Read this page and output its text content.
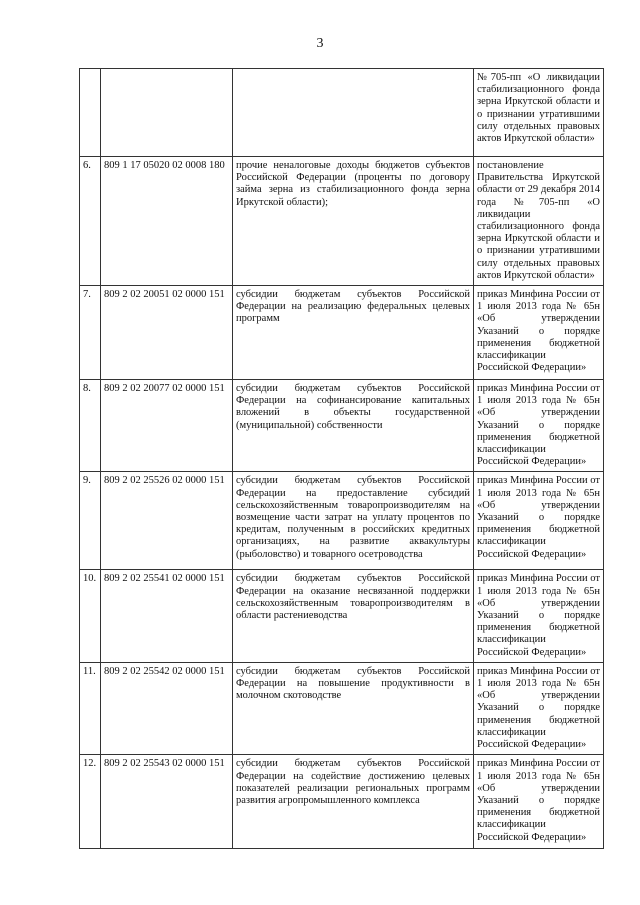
3
			№705-пп «О ликвидации стабилизационного фонда зерна Иркутской области и о признании утратившими силу отдельных правовых актов Иркутской области»
6.	809 1 17 05020 02 0008 180	прочие неналоговые доходы бюджетов субъектов Российской Федерации (проценты по договору займа зерна из стабилизационного фонда зерна Иркутской области);	постановление Правительства Иркутской области от 29 декабря 2014 года №705-пп «О ликвидации стабилизационного фонда зерна Иркутской области и о признании утратившими силу отдельных правовых актов Иркутской области»
7.	809 2 02 20051 02 0000 151	субсидии бюджетам субъектов Российской Федерации на реализацию федеральных целевых программ	приказ Минфина России от 1 июля 2013 года № 65н «Об утверждении Указаний о порядке применения бюджетной классификации Российской Федерации»
8.	809 2 02 20077 02 0000 151	субсидии бюджетам субъектов Российской Федерации на софинансирование капитальных вложений в объекты государственной (муниципальной) собственности	приказ Минфина России от 1 июля 2013 года № 65н «Об утверждении Указаний о порядке применения бюджетной классификации Российской Федерации»
9.	809 2 02 25526 02 0000 151	субсидии бюджетам субъектов Российской Федерации на предоставление субсидий сельскохозяйственным товаропроизводителям на возмещение части затрат на уплату процентов по кредитам, полученным в российских кредитных организациях, на развитие аквакультуры (рыболовство) и товарного осетроводства	приказ Минфина России от 1 июля 2013 года № 65н «Об утверждении Указаний о порядке применения бюджетной классификации Российской Федерации»
10.	809 2 02 25541 02 0000 151	субсидии бюджетам субъектов Российской Федерации на оказание несвязанной поддержки сельскохозяйственным товаропроизводителям в области растениеводства	приказ Минфина России от 1 июля 2013 года № 65н «Об утверждении Указаний о порядке применения бюджетной классификации Российской Федерации»
11.	809 2 02 25542 02 0000 151	субсидии бюджетам субъектов Российской Федерации на повышение продуктивности в молочном скотоводстве	приказ Минфина России от 1 июля 2013 года № 65н «Об утверждении Указаний о порядке применения бюджетной классификации Российской Федерации»
12.	809 2 02 25543 02 0000 151	субсидии бюджетам субъектов Российской Федерации на содействие достижению целевых показателей реализации региональных программ развития агропромышленного комплекса	приказ Минфина России от 1 июля 2013 года № 65н «Об утверждении Указаний о порядке применения бюджетной классификации Российской Федерации»
